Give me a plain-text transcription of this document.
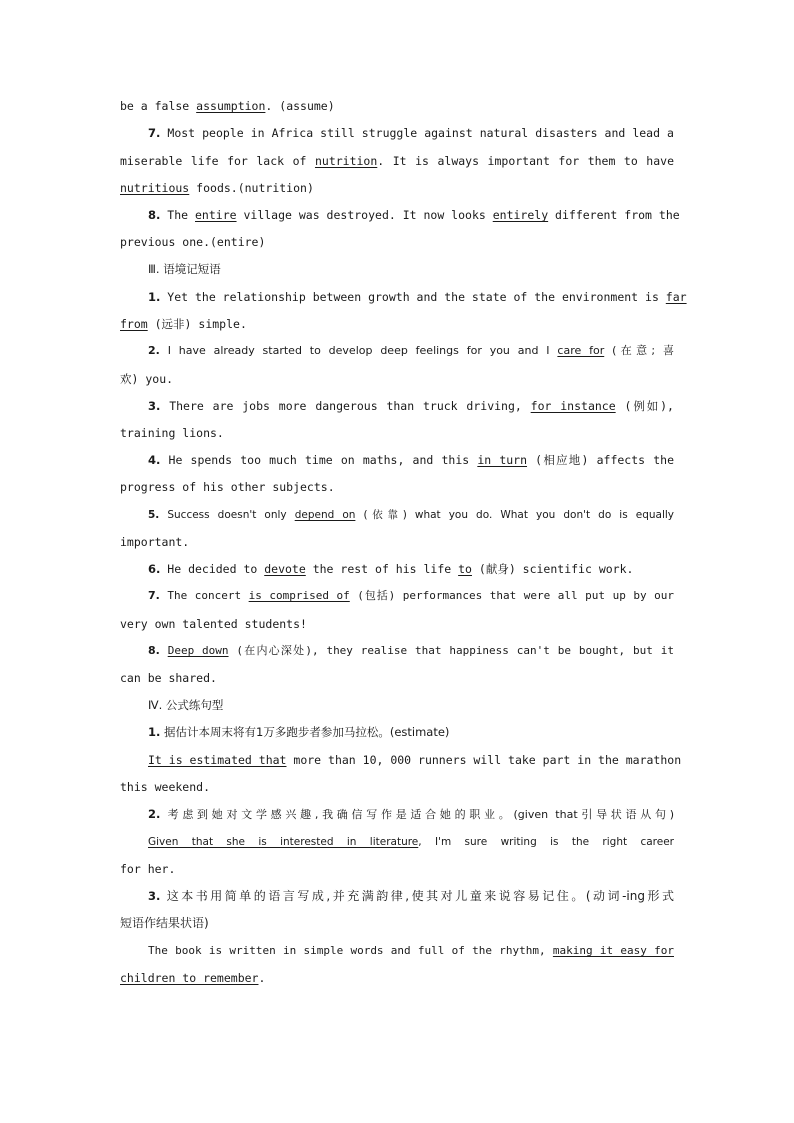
be a false assumption. (assume)
7. Most people in Africa still struggle against natural disasters and lead a
miserable life for lack of nutrition. It is always important for them to have
nutritious foods.(nutrition)
8. The entire village was destroyed. It now looks entirely different from the
previous one.(entire)
Ⅲ. 语境记短语
1. Yet the relationship between growth and the state of the environment is far
from (远非) simple.
2. I have already started to develop deep feelings for you and I care for (在意; 喜
欢) you.
3. There are jobs more dangerous than truck driving, for instance (例如),
training lions.
4. He spends too much time on maths, and this in turn (相应地) affects the
progress of his other subjects.
5. Success doesn't only depend on (依靠) what you do. What you don't do is equally
important.
6. He decided to devote the rest of his life to (献身) scientific work.
7. The concert is comprised of (包括) performances that were all put up by our
very own talented students!
8. Deep down (在内心深处), they realise that happiness can't be bought, but it
can be shared.
Ⅳ. 公式练句型
1. 据估计本周末将有1万多跑步者参加马拉松。(estimate)
It is estimated that more than 10, 000 runners will take part in the marathon
this weekend.
2. 考虑到她对文学感兴趣,我确信写作是适合她的职业。(given that引导状语从句)
Given that she is interested in literature, I'm sure writing is the right career
for her.
3. 这本书用简单的语言写成,并充满韵律,使其对儿童来说容易记住。(动词-ing形式
短语作结果状语)
The book is written in simple words and full of the rhythm, making it easy for
children to remember.
